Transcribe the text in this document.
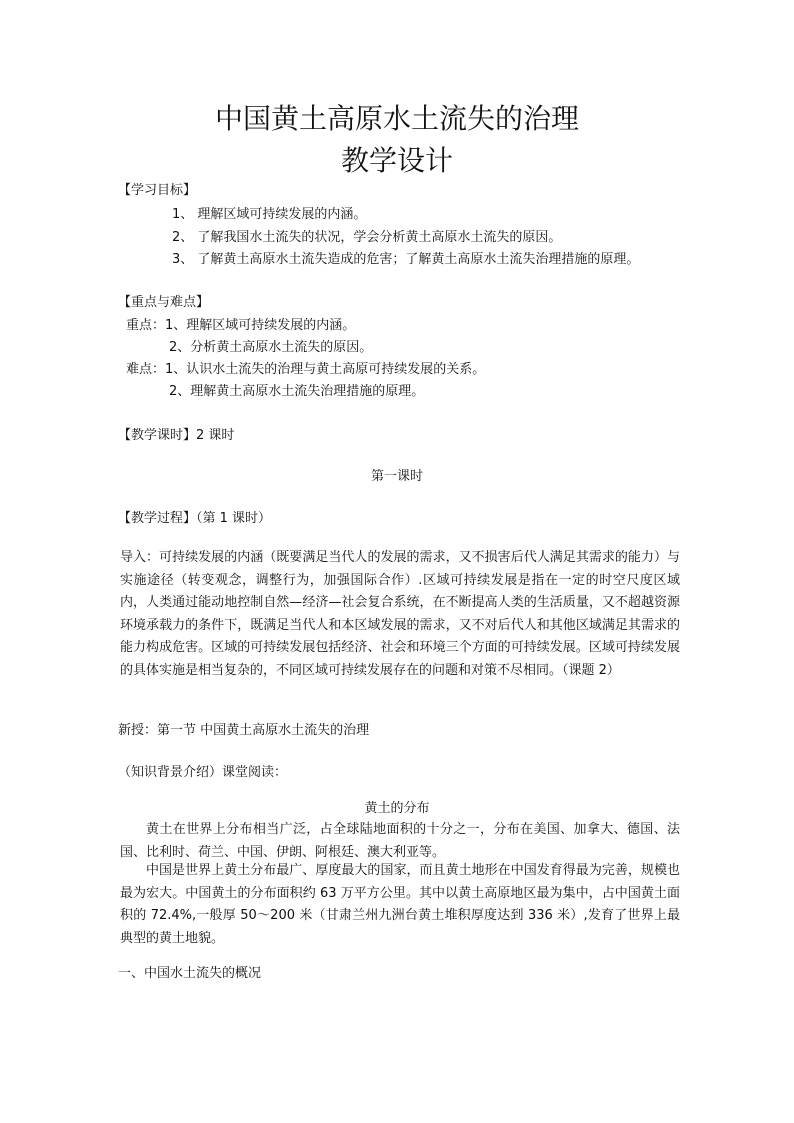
中国黄土高原水土流失的治理
教学设计
【学习目标】
1、 理解区域可持续发展的内涵。
2、 了解我国水土流失的状况，学会分析黄土高原水土流失的原因。
3、 了解黄土高原水土流失造成的危害；了解黄土高原水土流失治理措施的原理。
【重点与难点】
重点：1、理解区域可持续发展的内涵。
2、分析黄土高原水土流失的原因。
难点：1、认识水土流失的治理与黄土高原可持续发展的关系。
2、理解黄土高原水土流失治理措施的原理。
【教学课时】2 课时
第一课时
【教学过程】（第 1 课时）
导入：可持续发展的内涵（既要满足当代人的发展的需求，又不损害后代人满足其需求的能力）与实施途径（转变观念，调整行为，加强国际合作）.区域可持续发展是指在一定的时空尺度区域内，人类通过能动地控制自然—经济—社会复合系统，在不断提高人类的生活质量，又不超越资源环境承载力的条件下，既满足当代人和本区域发展的需求，又不对后代人和其他区域满足其需求的能力构成危害。区域的可持续发展包括经济、社会和环境三个方面的可持续发展。区域可持续发展的具体实施是相当复杂的，不同区域可持续发展存在的问题和对策不尽相同。（课题 2）
新授：第一节 中国黄土高原水土流失的治理
（知识背景介绍）课堂阅读：
黄土的分布
黄土在世界上分布相当广泛，占全球陆地面积的十分之一，分布在美国、加拿大、德国、法国、比利时、荷兰、中国、伊朗、阿根廷、澳大利亚等。
中国是世界上黄土分布最广、厚度最大的国家，而且黄土地形在中国发育得最为完善，规模也最为宏大。中国黄土的分布面积约 63 万平方公里。其中以黄土高原地区最为集中，占中国黄土面积的 72.4%,一般厚 50～200 米（甘肃兰州九洲台黄土堆积厚度达到 336 米）,发育了世界上最典型的黄土地貌。
一、中国水土流失的概况
